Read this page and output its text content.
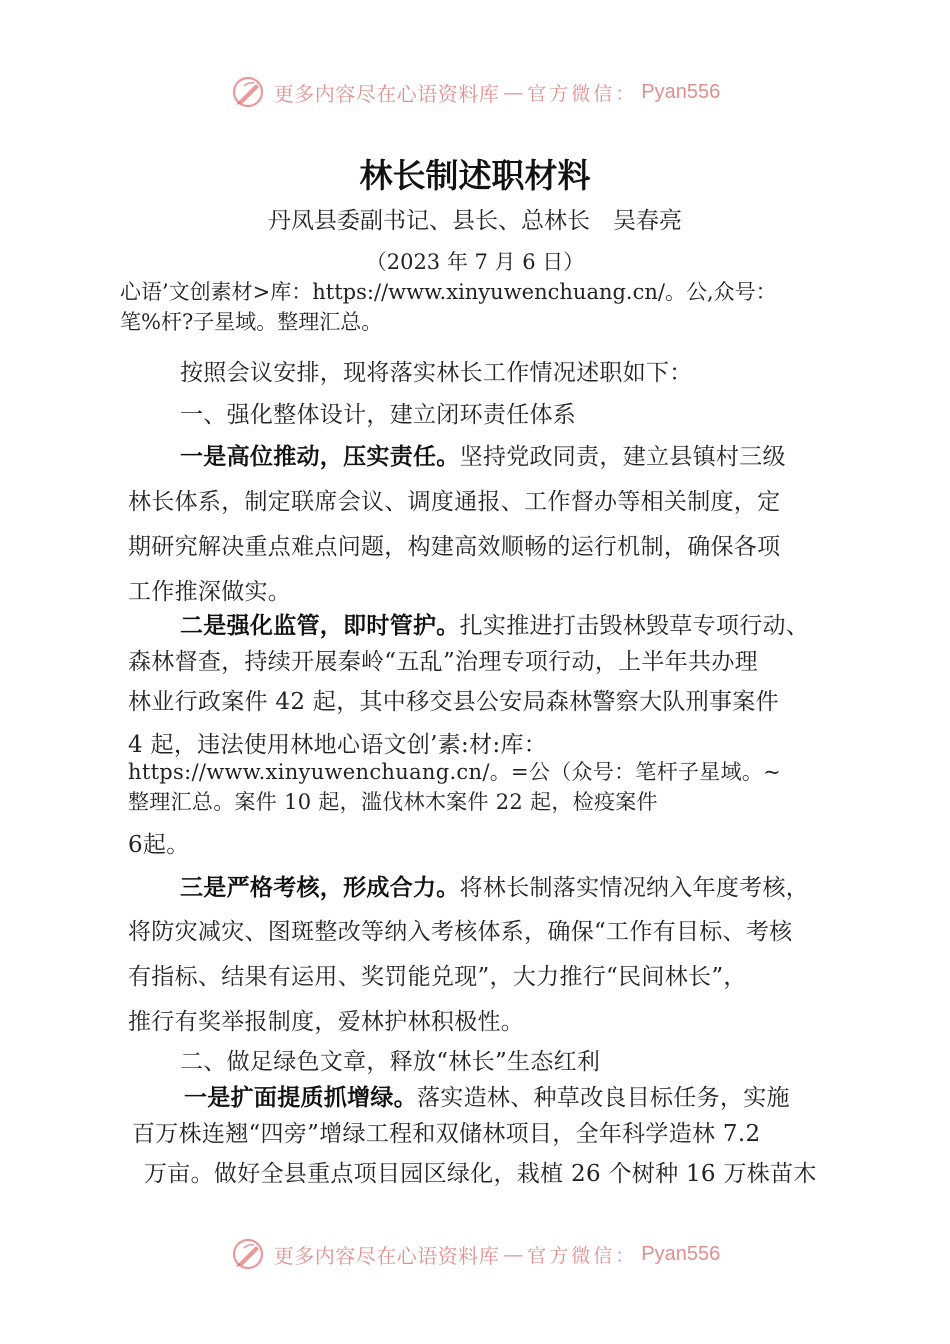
更多内容尽在心语资料库 — 官方微信： Pyan556
林长制述职材料
丹凤县委副书记、县长、总林长　吴春亮
（2023 年 7 月 6 日）
心语’文创素材>库：https://www.xinyuwenchuang.cn/。公,众号：
笔%杆?子星域。整理汇总。
按照会议安排，现将落实林长工作情况述职如下：
一、强化整体设计，建立闭环责任体系
一是高位推动，压实责任。坚持党政同责，建立县镇村三级
林长体系，制定联席会议、调度通报、工作督办等相关制度，定
期研究解决重点难点问题，构建高效顺畅的运行机制，确保各项
工作推深做实。
二是强化监管，即时管护。扎实推进打击毁林毁草专项行动、
森林督查，持续开展秦岭“五乱”治理专项行动，上半年共办理
林业行政案件 42 起，其中移交县公安局森林警察大队刑事案件
4 起，违法使用林地心语文创’素:材:库：
https://www.xinyuwenchuang.cn/。=公（众号：笔杆子星域。~
整理汇总。案件 10 起，滥伐林木案件 22 起，检疫案件
6起。
三是严格考核，形成合力。将林长制落实情况纳入年度考核，
将防灾减灾、图斑整改等纳入考核体系，确保“工作有目标、考核
有指标、结果有运用、奖罚能兑现”，大力推行“民间林长”，
推行有奖举报制度，爱林护林积极性。
二、做足绿色文章，释放“林长”生态红利
一是扩面提质抓增绿。落实造林、种草改良目标任务，实施
百万株连翘“四旁”增绿工程和双储林项目，全年科学造林 7.2
万亩。做好全县重点项目园区绿化，栽植 26 个树种 16 万株苗木
更多内容尽在心语资料库 — 官方微信： Pyan556
